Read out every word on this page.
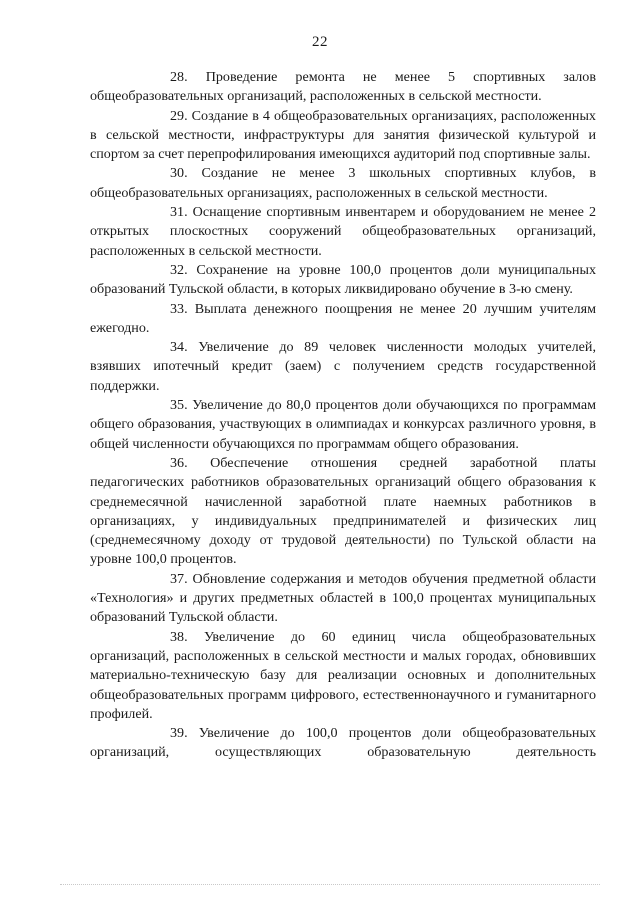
22

28. Проведение ремонта не менее 5 спортивных залов общеобразовательных организаций, расположенных в сельской местности.

29. Создание в 4 общеобразовательных организациях, расположенных в сельской местности, инфраструктуры для занятия физической культурой и спортом за счет перепрофилирования имеющихся аудиторий под спортивные залы.

30. Создание не менее 3 школьных спортивных клубов, в общеобразовательных организациях, расположенных в сельской местности.

31. Оснащение спортивным инвентарем и оборудованием не менее 2 открытых плоскостных сооружений общеобразовательных организаций, расположенных в сельской местности.

32. Сохранение на уровне 100,0 процентов доли муниципальных образований Тульской области, в которых ликвидировано обучение в 3-ю смену.

33. Выплата денежного поощрения не менее 20 лучшим учителям ежегодно.

34. Увеличение до 89 человек численности молодых учителей, взявших ипотечный кредит (заем) с получением средств государственной поддержки.

35. Увеличение до 80,0 процентов доли обучающихся по программам общего образования, участвующих в олимпиадах и конкурсах различного уровня, в общей численности обучающихся по программам общего образования.

36. Обеспечение отношения средней заработной платы педагогических работников образовательных организаций общего образования к среднемесячной начисленной заработной плате наемных работников в организациях, у индивидуальных предпринимателей и физических лиц (среднемесячному доходу от трудовой деятельности) по Тульской области на уровне 100,0 процентов.

37. Обновление содержания и методов обучения предметной области «Технология» и других предметных областей в 100,0 процентах муниципальных образований Тульской области.

38. Увеличение до 60 единиц числа общеобразовательных организаций, расположенных в сельской местности и малых городах, обновивших материально-техническую базу для реализации основных и дополнительных общеобразовательных программ цифрового, естественнонаучного и гуманитарного профилей.

39. Увеличение до 100,0 процентов доли общеобразовательных организаций, осуществляющих образовательную деятельность
